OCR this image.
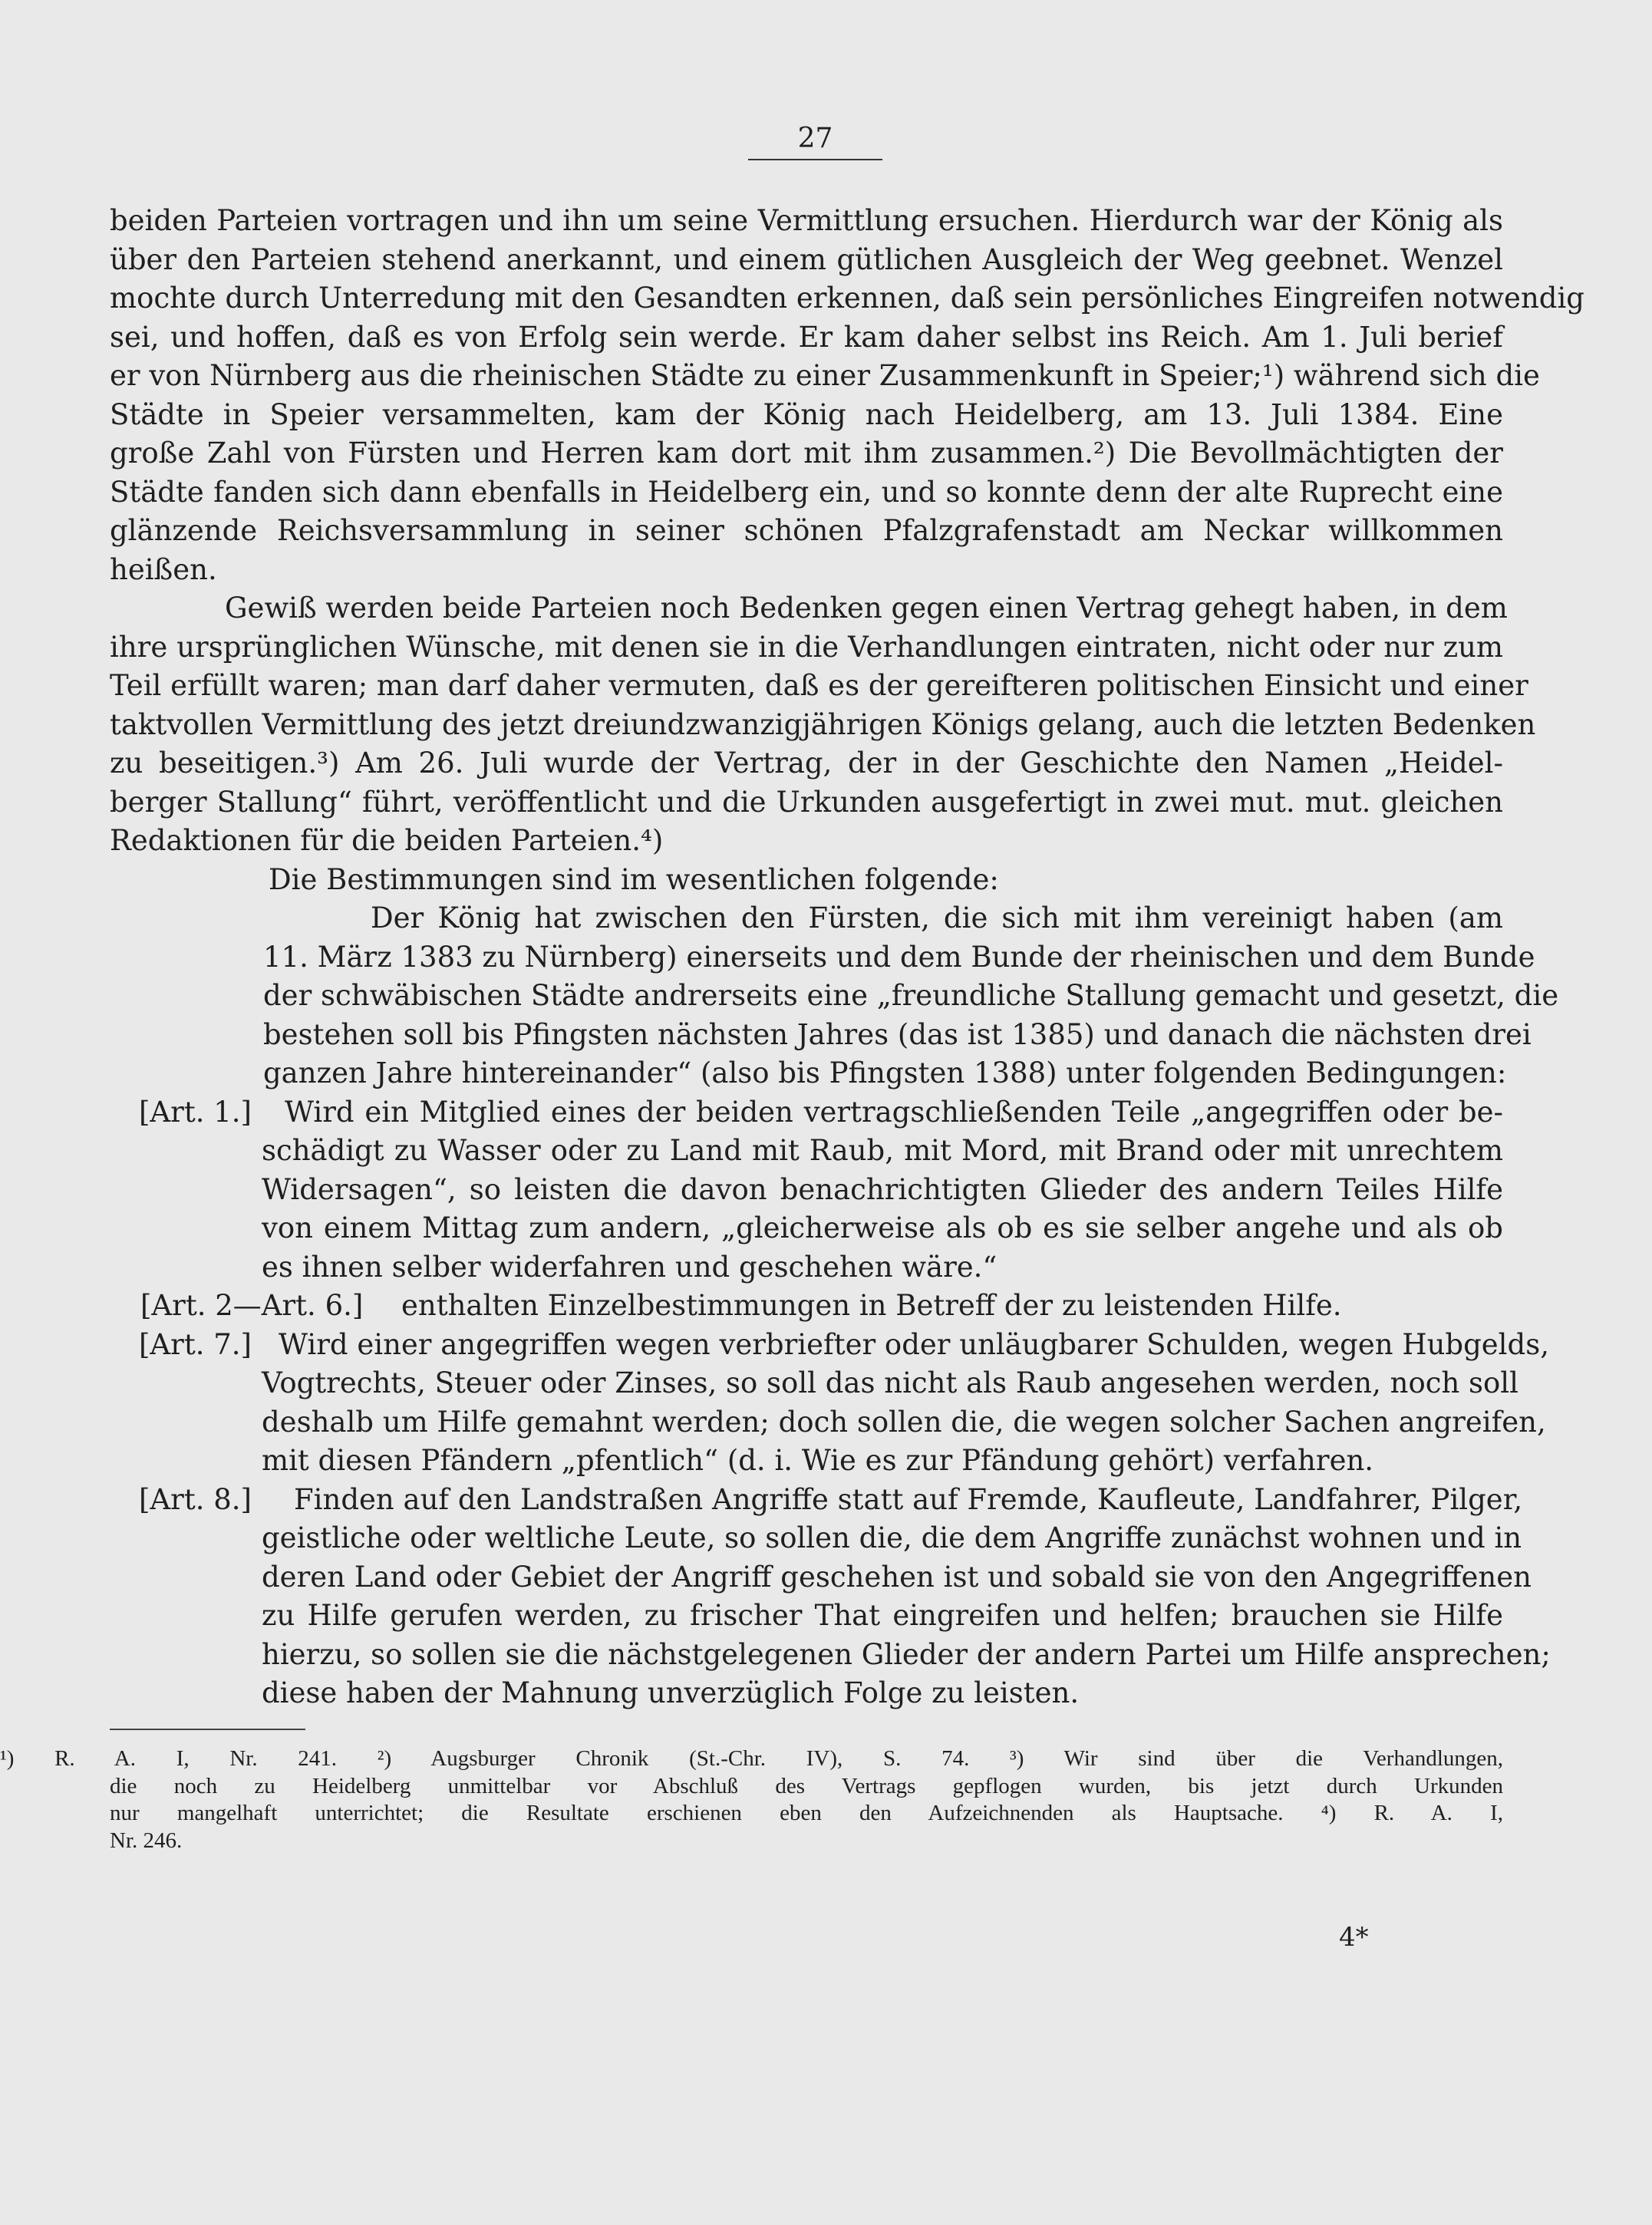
27

beiden Parteien vortragen und ihn um seine Vermittlung ersuchen. Hierdurch war der König als
über den Parteien stehend anerkannt, und einem gütlichen Ausgleich der Weg geebnet. Wenzel
mochte durch Unterredung mit den Gesandten erkennen, daß sein persönliches Eingreifen notwendig
sei, und hoffen, daß es von Erfolg sein werde. Er kam daher selbst ins Reich. Am 1. Juli berief
er von Nürnberg aus die rheinischen Städte zu einer Zusammenkunft in Speier;¹) während sich die
Städte in Speier versammelten, kam der König nach Heidelberg, am 13. Juli 1384. Eine
große Zahl von Fürsten und Herren kam dort mit ihm zusammen.²) Die Bevollmächtigten der
Städte fanden sich dann ebenfalls in Heidelberg ein, und so konnte denn der alte Ruprecht eine
glänzende Reichsversammlung in seiner schönen Pfalzgrafenstadt am Neckar willkommen
heißen.

Gewiß werden beide Parteien noch Bedenken gegen einen Vertrag gehegt haben, in dem
ihre ursprünglichen Wünsche, mit denen sie in die Verhandlungen eintraten, nicht oder nur zum
Teil erfüllt waren; man darf daher vermuten, daß es der gereifteren politischen Einsicht und einer
taktvollen Vermittlung des jetzt dreiundzwanzigjährigen Königs gelang, auch die letzten Bedenken
zu beseitigen.³) Am 26. Juli wurde der Vertrag, der in der Geschichte den Namen „Heidel-
berger Stallung“ führt, veröffentlicht und die Urkunden ausgefertigt in zwei mut. mut. gleichen
Redaktionen für die beiden Parteien.⁴)

Die Bestimmungen sind im wesentlichen folgende:

Der König hat zwischen den Fürsten, die sich mit ihm vereinigt haben (am
11. März 1383 zu Nürnberg) einerseits und dem Bunde der rheinischen und dem Bunde
der schwäbischen Städte andrerseits eine „freundliche Stallung gemacht und gesetzt, die
bestehen soll bis Pfingsten nächsten Jahres (das ist 1385) und danach die nächsten drei
ganzen Jahre hintereinander“ (also bis Pfingsten 1388) unter folgenden Bedingungen:

[Art. 1.]	Wird ein Mitglied eines der beiden vertragschließenden Teile „angegriffen oder be-
schädigt zu Wasser oder zu Land mit Raub, mit Mord, mit Brand oder mit unrechtem
Widersagen“, so leisten die davon benachrichtigten Glieder des andern Teiles Hilfe
von einem Mittag zum andern, „gleicherweise als ob es sie selber angehe und als ob
es ihnen selber widerfahren und geschehen wäre.“
[Art. 2—Art. 6.] enthalten Einzelbestimmungen in Betreff der zu leistenden Hilfe.
[Art. 7.] Wird einer angegriffen wegen verbriefter oder unläugbarer Schulden, wegen Hubgelds,
Vogtrechts, Steuer oder Zinses, so soll das nicht als Raub angesehen werden, noch soll
deshalb um Hilfe gemahnt werden; doch sollen die, die wegen solcher Sachen angreifen,
mit diesen Pfändern „pfentlich“ (d. i. Wie es zur Pfändung gehört) verfahren.
[Art. 8.]	Finden auf den Landstraßen Angriffe statt auf Fremde, Kaufleute, Landfahrer, Pilger,
geistliche oder weltliche Leute, so sollen die, die dem Angriffe zunächst wohnen und in
deren Land oder Gebiet der Angriff geschehen ist und sobald sie von den Angegriffenen
zu Hilfe gerufen werden, zu frischer That eingreifen und helfen; brauchen sie Hilfe
hierzu, so sollen sie die nächstgelegenen Glieder der andern Partei um Hilfe ansprechen;
diese haben der Mahnung unverzüglich Folge zu leisten.
¹) R. A. I, Nr. 241. ²) Augsburger Chronik (St.-Chr. IV), S. 74. ³) Wir sind über die Verhandlungen,
die noch zu Heidelberg unmittelbar vor Abschluß des Vertrags gepflogen wurden, bis jetzt durch Urkunden
nur mangelhaft unterrichtet; die Resultate erschienen eben den Aufzeichnenden als Hauptsache. ⁴) R. A. I,
Nr. 246.
4*
